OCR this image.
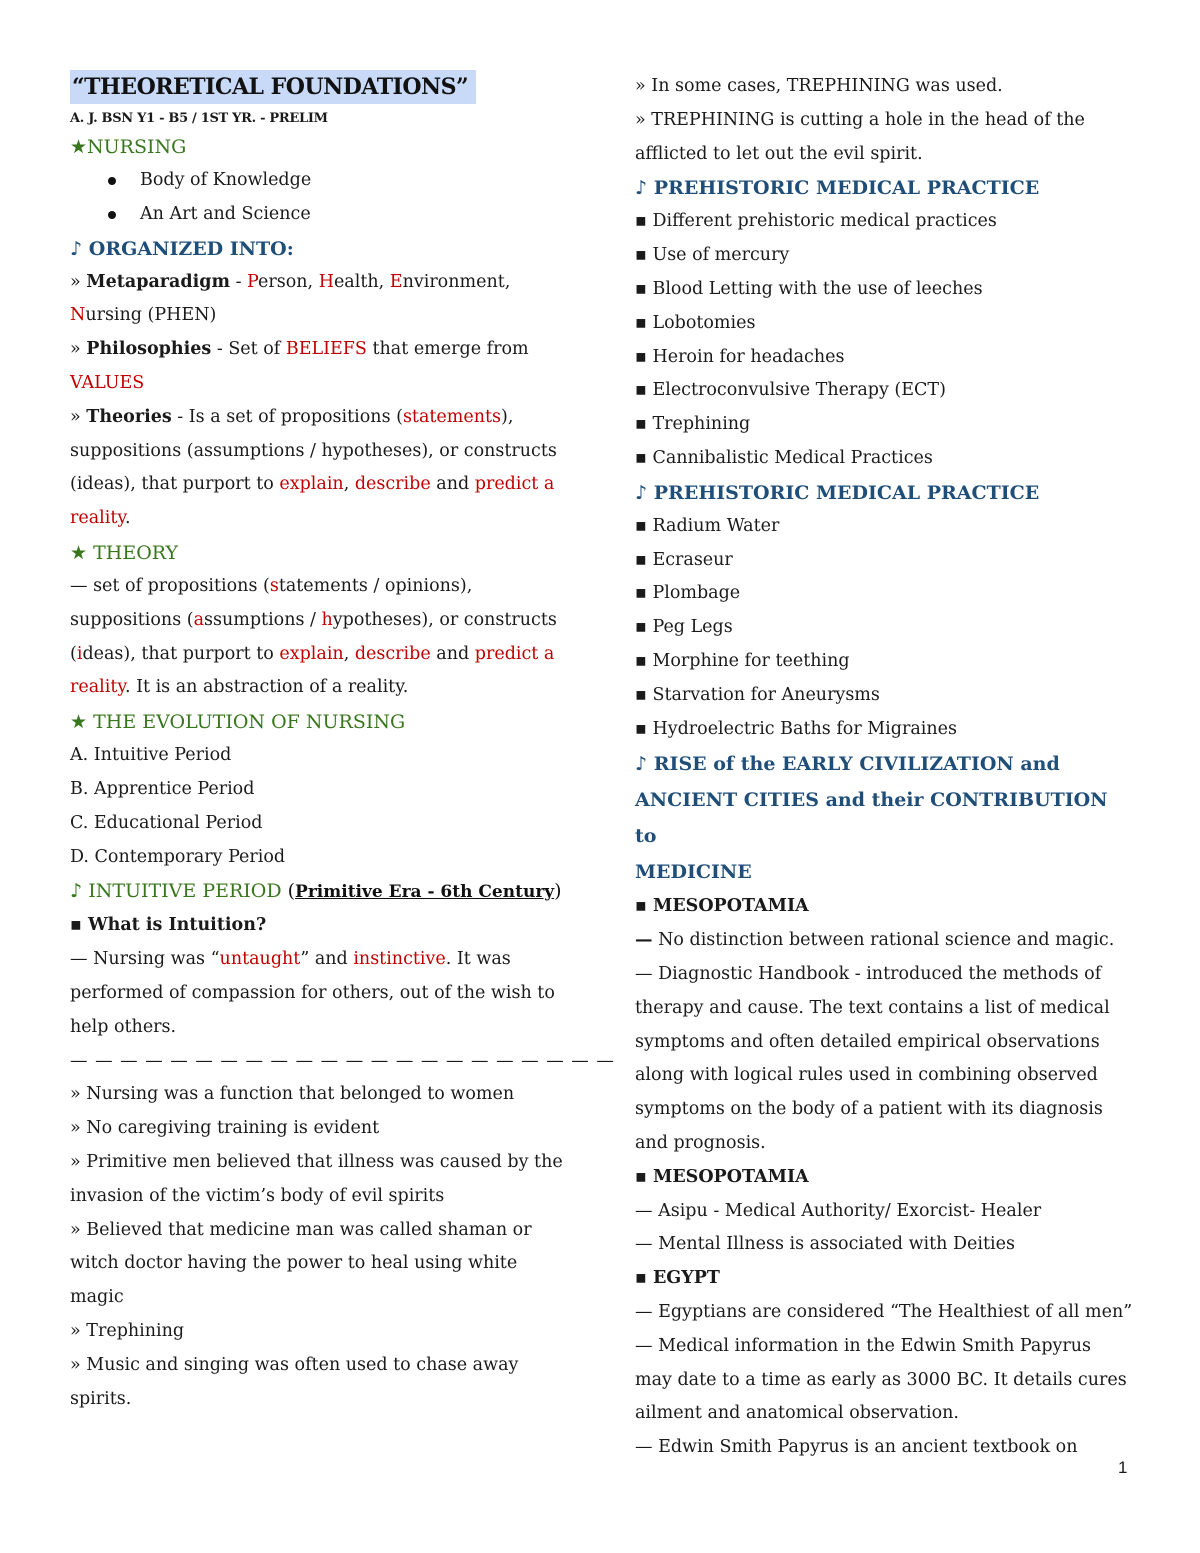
“THEORETICAL FOUNDATIONS”
A. J. BSN Y1 - B5 / 1ST YR. - PRELIM
★NURSING
Body of Knowledge
An Art and Science
♪ ORGANIZED INTO:
» Metaparadigm - Person, Health, Environment,
Nursing (PHEN)
» Philosophies - Set of BELIEFS that emerge from
VALUES
» Theories - Is a set of propositions (statements),
suppositions (assumptions / hypotheses), or constructs
(ideas), that purport to explain, describe and predict a
reality.
★ THEORY
— set of propositions (statements / opinions),
suppositions (assumptions / hypotheses), or constructs
(ideas), that purport to explain, describe and predict a
reality. It is an abstraction of a reality.
★ THE EVOLUTION OF NURSING
A. Intuitive Period
B. Apprentice Period
C. Educational Period
D. Contemporary Period
♪ INTUITIVE PERIOD (Primitive Era - 6th Century)
▪ What is Intuition?
— Nursing was “untaught” and instinctive. It was
performed of compassion for others, out of the wish to
help others.
— — — — — — — — — — — — — — — — — — — — — —
» Nursing was a function that belonged to women
» No caregiving training is evident
» Primitive men believed that illness was caused by the
invasion of the victim’s body of evil spirits
» Believed that medicine man was called shaman or
witch doctor having the power to heal using white
magic
» Trephining
» Music and singing was often used to chase away
spirits.
» In some cases, TREPHINING was used.
» TREPHINING is cutting a hole in the head of the
afflicted to let out the evil spirit.
♪ PREHISTORIC MEDICAL PRACTICE
▪ Different prehistoric medical practices
▪ Use of mercury
▪ Blood Letting with the use of leeches
▪ Lobotomies
▪ Heroin for headaches
▪ Electroconvulsive Therapy (ECT)
▪ Trephining
▪ Cannibalistic Medical Practices
♪ PREHISTORIC MEDICAL PRACTICE
▪ Radium Water
▪ Ecraseur
▪ Plombage
▪ Peg Legs
▪ Morphine for teething
▪ Starvation for Aneurysms
▪ Hydroelectric Baths for Migraines
♪ RISE of the EARLY CIVILIZATION and
ANCIENT CITIES and their CONTRIBUTION to
MEDICINE
▪ MESOPOTAMIA
— No distinction between rational science and magic.
— Diagnostic Handbook - introduced the methods of
therapy and cause. The text contains a list of medical
symptoms and often detailed empirical observations
along with logical rules used in combining observed
symptoms on the body of a patient with its diagnosis
and prognosis.
▪ MESOPOTAMIA
— Asipu - Medical Authority/ Exorcist- Healer
— Mental Illness is associated with Deities
▪ EGYPT
— Egyptians are considered “The Healthiest of all men”
— Medical information in the Edwin Smith Papyrus
may date to a time as early as 3000 BC. It details cures
ailment and anatomical observation.
— Edwin Smith Papyrus is an ancient textbook on
1
